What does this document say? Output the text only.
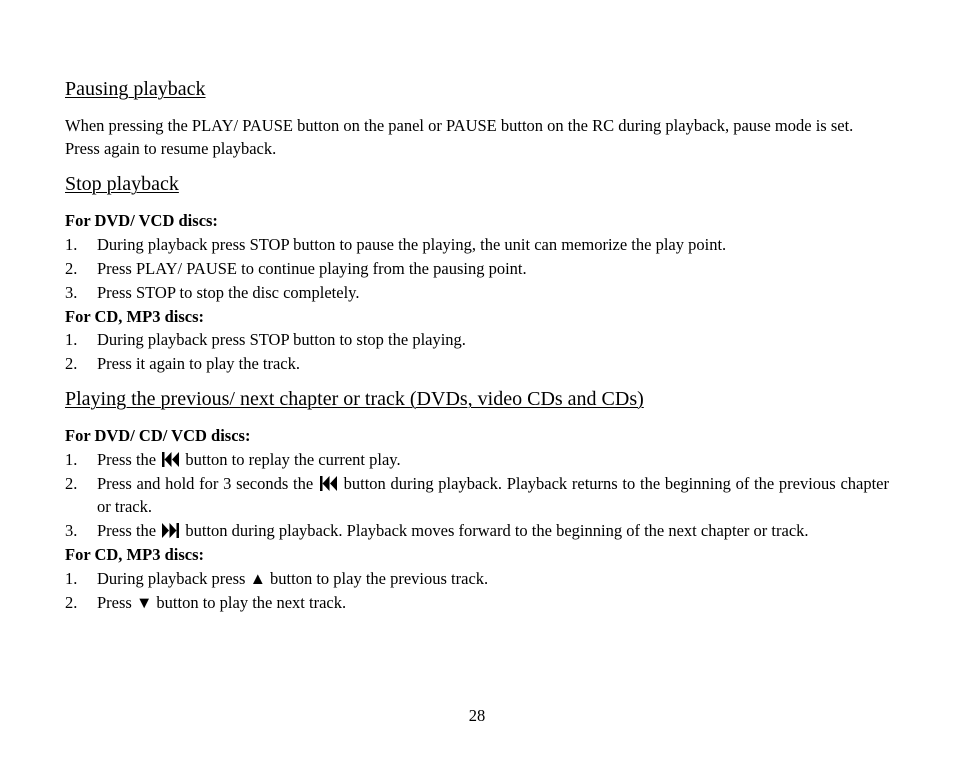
Pausing playback
When pressing the PLAY/ PAUSE button on the panel or PAUSE button on the RC during playback, pause mode is set. Press again to resume playback.
Stop playback
For DVD/ VCD discs:
1. During playback press STOP button to pause the playing, the unit can memorize the play point.
2. Press PLAY/ PAUSE to continue playing from the pausing point.
3. Press STOP to stop the disc completely.
For CD, MP3 discs:
1. During playback press STOP button to stop the playing.
2. Press it again to play the track.
Playing the previous/ next chapter or track (DVDs, video CDs and CDs)
For DVD/ CD/ VCD discs:
1. Press the button to replay the current play.
2. Press and hold for 3 seconds the button during playback. Playback returns to the beginning of the previous chapter or track.
3. Press the button during playback. Playback moves forward to the beginning of the next chapter or track.
For CD, MP3 discs:
1. During playback press ▲ button to play the previous track.
2. Press ▼ button to play the next track.
28
